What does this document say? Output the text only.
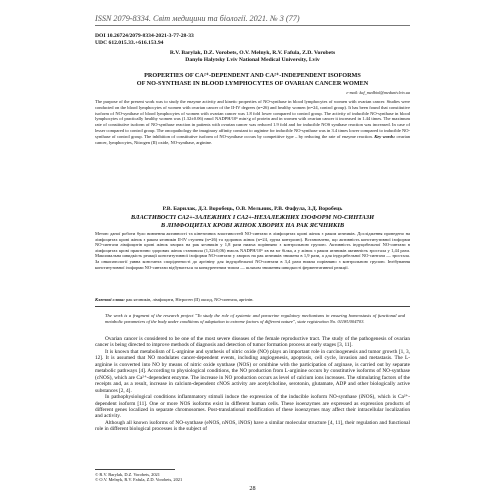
ISSN 2079-8334. Світ медицини та біології. 2021. № 3 (77)
DOI 10.26724/2079-8334-2021-3-77-28-33
UDC 612.015.33.+616.153.94
R.V. Barylak, D.Z. Vorobets, O.V. Melnyk, R.V. Fafula, Z.D. Vorobets
Danylo Halytsky Lviv National Medical University, Lviv
PROPERTIES OF CA²⁺-DEPENDENT AND CA²⁺-INDEPENDENT ISOFORMS
OF NO-SYNTHASE IN BLOOD LYMPHOCYTES OF OVARIAN CANCER WOMEN
e-mail: kaf_medbiol@meduniv.lviv.ua
The purpose of the present work was to study the enzyme activity and kinetic properties of NO-synthase in blood lymphocytes of women with ovarian cancer. Studies were conducted on the blood lymphocytes of women with ovarian cancer of the II-IV degrees (n=26) and healthy women (n=24, control group). It has been found that constitutive isoform of NO-synthase of blood lymphocytes of women with ovarian cancer was 1.8 fold lower compared to control group. The activity of inducible NO-synthase in blood lymphocytes of practically healthy women was (1.32±0.06) nmol NADPH/10⁶ min×g of protein and in women with ovarian cancer it increased in 1.44 times. The maximum rate of constitutive isoform of NO-synthase reaction in patients with ovarian cancer was reduced 1.9 fold and for inducible NOS synthase reaction was increased. In case of lesser compared to control group. The oncopathology the imaginary affinity constant to arginine for inducible NO-synthase was in 3.4 times lower compared to inducible NO-synthase of control group. The inhibition of constitutive isoform of NO-synthase occurs by competitive type – by reducing the rate of enzyme reaction. Key words: ovarian cancer, lymphocytes, Nitrogen (II) oxide, NO-synthase, arginine.
Р.В. Барилак, Д.З. Воробець, О.В. Мельник, Р.В. Фафула, З.Д. Воробець
ВЛАСТИВОСТІ СА2+-ЗАЛЕЖНИХ І СА2+-НЕЗАЛЕЖНИХ ІЗОФОРМ NO-СИНТАЗИ
В ЛІМФОЦИТАХ КРОВІ ЖІНОК ХВОРИХ НА РАК ЯЄЧНИКІВ
Метою даної роботи було вивчення активності та кінетичних властивостей NO-синтази в лімфоцитах крові жінок з раком яєчників. Дослідження проведено на лімфоцитах крові жінок з раком яєчників II-IV ступеня (n=26) та здорових жінок (n=24, група контролю). Встановлено, що активність конститутивної ізоформи NO-синтази лімфоцитів крові жінок хворих на рак яєчників у 1,8 рази нижча порівняно з контрольною групою. Активність індуцибельної NO-синтази в лімфоцитах крові практично здорових жінок становила (1,32±0,06) нмоль NADPH/10⁶ хв на мг білка, а у жінок з раком яєчників активність зростала у 1,44 рази. Максимальна швидкість реакції конститутивної ізоформи NO-синтази у хворих на рак яєчників знижена в 1,9 рази, а для індуцибельної NO-синтази — зростала. За онкопатології уявна константа спорідненості до аргініну для індуцибельної NO-синтази в 3,4 рази нижча порівняно з контрольною групою. Інгібування конститутивної ізоформи NO-синтази відбувається за конкурентним типом — шляхом зниження швидкості ферментативної реакції.
Ключові слова: рак яєчників, лімфоцити, Нітроген (II) оксид, NO-синтаза, аргінін.
The work is a fragment of the research project "To study the role of systemic and paracrine regulatory mechanisms in ensuring homeostasis of functional and metabolic parameters of the body under conditions of adaptation to extreme factors of different nature", state registration No. 0118U004703.

Ovarian cancer is considered to be one of the most severe diseases of the female reproductive tract. The study of the pathogenesis of ovarian cancer is being directed to improve methods of diagnosis and detection of tumor formation process at early stages [3, 11].

It is known that metabolism of L-arginine and synthesis of nitric oxide (NO) plays an important role in carcinogenesis and tumor growth [1, 3, 12]. It is assumed that NO modulates cancer-dependent events, including angiogenesis, apoptosis, cell cycle, invasion and metastasis. The L-arginine is converted into NO by means of nitric oxide synthase (NOS) or ornithine with the participation of arginase, is carried out by separate metabolic pathways [4]. According to physiological conditions, the NO production from L-arginine occurs by constitutive isoforms of NO-synthase (cNOS), which are Ca²⁺-dependent enzyme. The increase in NO production occurs as level of calcium ions increases. The stimulating factors of the receipts and, as a result, increase in calcium-dependent cNOS activity are acetylcholine, serotonin, glutamate, ADP and other biologically active substances [2, 4].

In pathophysiological conditions inflammatory stimuli induce the expression of the inducible isoform NO-synthase (iNOS), which is Ca²⁺-dependent isoform [11]. One or more NOS isoforms exist in different human cells. These isoenzymes are expressed as expression products of different genes localized in separate chromosomes. Post-translational modification of these isoenzymes may affect their intracellular localization and activity.

Although all known isoforms of NO-synthase (eNOS, nNOS, iNOS) have a similar molecular structure [4, 11], their regulation and functional role in different biological processes is the subject of

© R.V. Barylak, D.Z. Vorobets, 2021
© O.V. Melnyk, R.V. Fafula, Z.D. Vorobets, 2021
28
